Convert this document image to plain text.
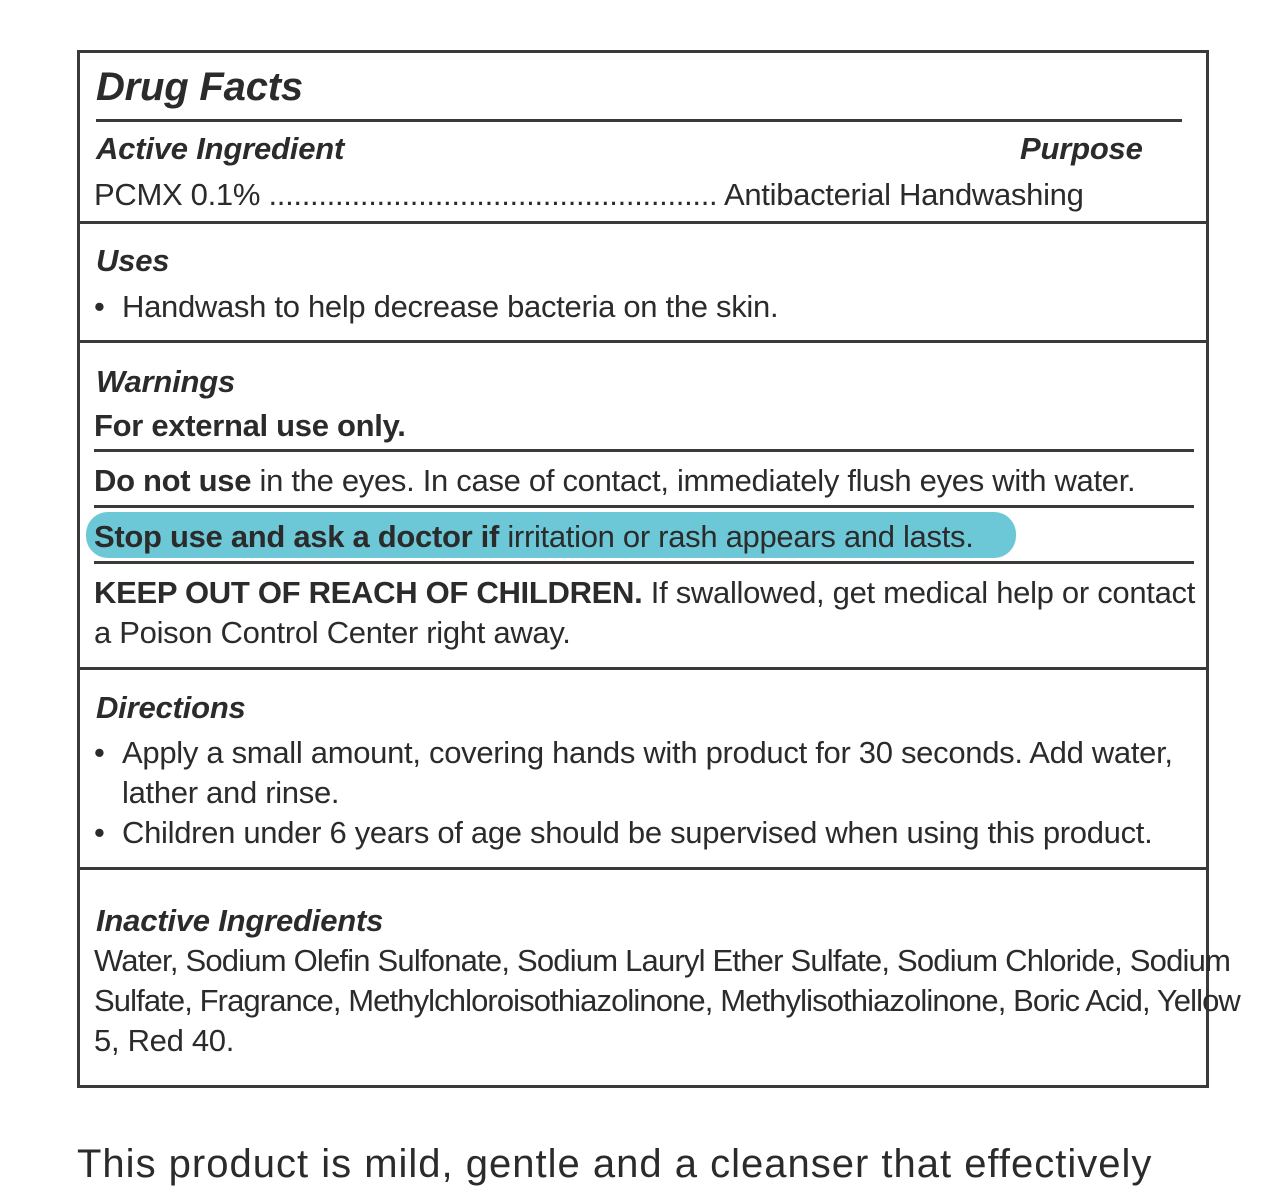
Drug Facts
Active Ingredient	Purpose
PCMX 0.1% ...................................................... Antibacterial Handwashing
Uses
• Handwash to help decrease bacteria on the skin.
Warnings
For external use only.
Do not use in the eyes. In case of contact, immediately flush eyes with water.
Stop use and ask a doctor if irritation or rash appears and lasts.
KEEP OUT OF REACH OF CHILDREN. If swallowed, get medical help or contact
a Poison Control Center right away.
Directions
• Apply a small amount, covering hands with product for 30 seconds. Add water,
lather and rinse.
• Children under 6 years of age should be supervised when using this product.
Inactive Ingredients
Water, Sodium Olefin Sulfonate, Sodium Lauryl Ether Sulfate, Sodium Chloride, Sodium
Sulfate, Fragrance, Methylchloroisothiazolinone, Methylisothiazolinone, Boric Acid, Yellow
5, Red 40.
This product is mild, gentle and a cleanser that effectively
